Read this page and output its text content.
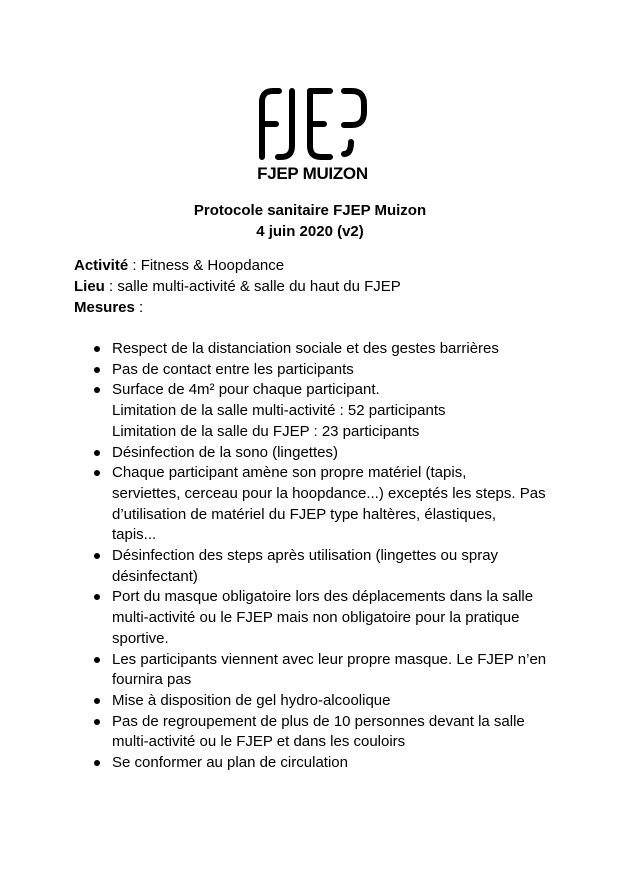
FJEP MUIZON
Protocole sanitaire FJEP Muizon
4 juin 2020 (v2)
Activité : Fitness & Hoopdance
Lieu : salle multi-activité & salle du haut du FJEP
Mesures :
Respect de la distanciation sociale et des gestes barrières
Pas de contact entre les participants
Surface de 4m² pour chaque participant.
Limitation de la salle multi-activité : 52 participants
Limitation de la salle du FJEP : 23 participants
Désinfection de la sono (lingettes)
Chaque participant amène son propre matériel (tapis,
serviettes, cerceau pour la hoopdance...) exceptés les steps. Pas
d’utilisation de matériel du FJEP type haltères, élastiques,
tapis...
Désinfection des steps après utilisation (lingettes ou spray
désinfectant)
Port du masque obligatoire lors des déplacements dans la salle
multi-activité ou le FJEP mais non obligatoire pour la pratique
sportive.
Les participants viennent avec leur propre masque. Le FJEP n’en
fournira pas
Mise à disposition de gel hydro-alcoolique
Pas de regroupement de plus de 10 personnes devant la salle
multi-activité ou le FJEP et dans les couloirs
Se conformer au plan de circulation
